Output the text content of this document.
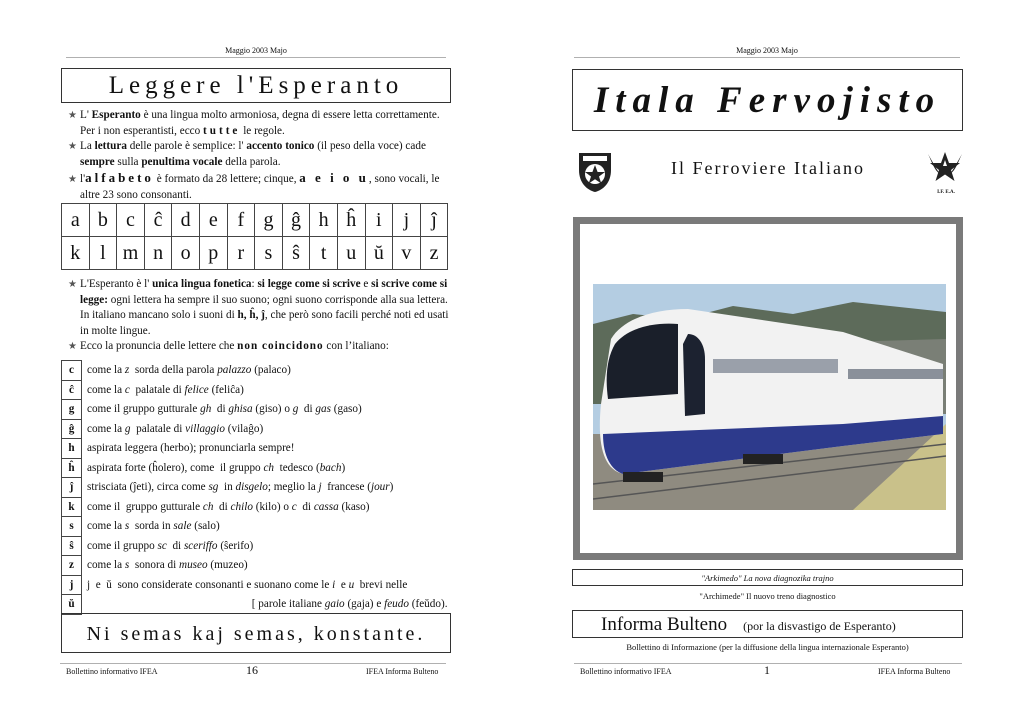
Maggio 2003 Majo
Leggere l'Esperanto

★ L' Esperanto è una lingua molto armoniosa, degna di essere letta correttamente. Per i non esperantisti, ecco tutte le regole.

★ La lettura delle parole è semplice: l' accento tonico (il peso della voce) cade sempre sulla penultima vocale della parola.

★ l'alfabeto è formato da 28 lettere; cinque, a e i o u, sono vocali, le altre 23 sono consonanti.

a	b	c	ĉ	d	e	f	g	ĝ	h	ĥ	i	j	ĵ
k	l	m	n	o	p	r	s	ŝ	t	u	ŭ	v	z

★ L'Esperanto è l' unica lingua fonetica: si legge come si scrive e si scrive come si legge: ogni lettera ha sempre il suo suono; ogni suono corrisponde alla sua lettera. In italiano mancano solo i suoni di h, ĥ, ĵ, che però sono facili perché noti ed usati in molte lingue.

★ Ecco la pronuncia delle lettere che non coincidono con l’italiano:

c	come la z  sorda della parola palazzo (palaco)
ĉ	come la c  palatale di felice (feliĉa)
g	come il gruppo gutturale gh  di ghisa (giso) o g  di gas (gaso)
ĝ	come la g  palatale di villaggio (vilaĝo)
h	aspirata leggera (herbo); pronunciarla sempre!
ĥ	aspirata forte (ĥolero), come  il gruppo ch  tedesco (bach)
ĵ	strisciata (ĵeti), circa come sg  in disgelo; meglio la j  francese (jour)
k	come il  gruppo gutturale ch  di chilo (kilo) o c  di cassa (kaso)
s	come la s  sorda in sale (salo)
ŝ	come il gruppo sc  di sceriffo (ŝerifo)
z	come la s  sonora di museo (muzeo)
j	j  e  ŭ  sono considerate consonanti e suonano come le i  e u  brevi nelle
ŭ	[ parole italiane gaio (gaja) e feudo (feŭdo).
Ni semas kaj semas, konstante.
Bollettino informativo IFEA	16	IFEA Informa Bulteno
Maggio 2003 Majo
Itala Fervojisto
Il Ferroviere Italiano
I.F. E.A.
"Arkimedo" La nova diagnozika trajno
"Archimede" Il nuovo treno diagnostico
Informa Bulteno (por la disvastigo de Esperanto)
Bollettino di Informazione (per la diffusione della lingua internazionale Esperanto)
Bollettino informativo IFEA	1	IFEA Informa Bulteno
